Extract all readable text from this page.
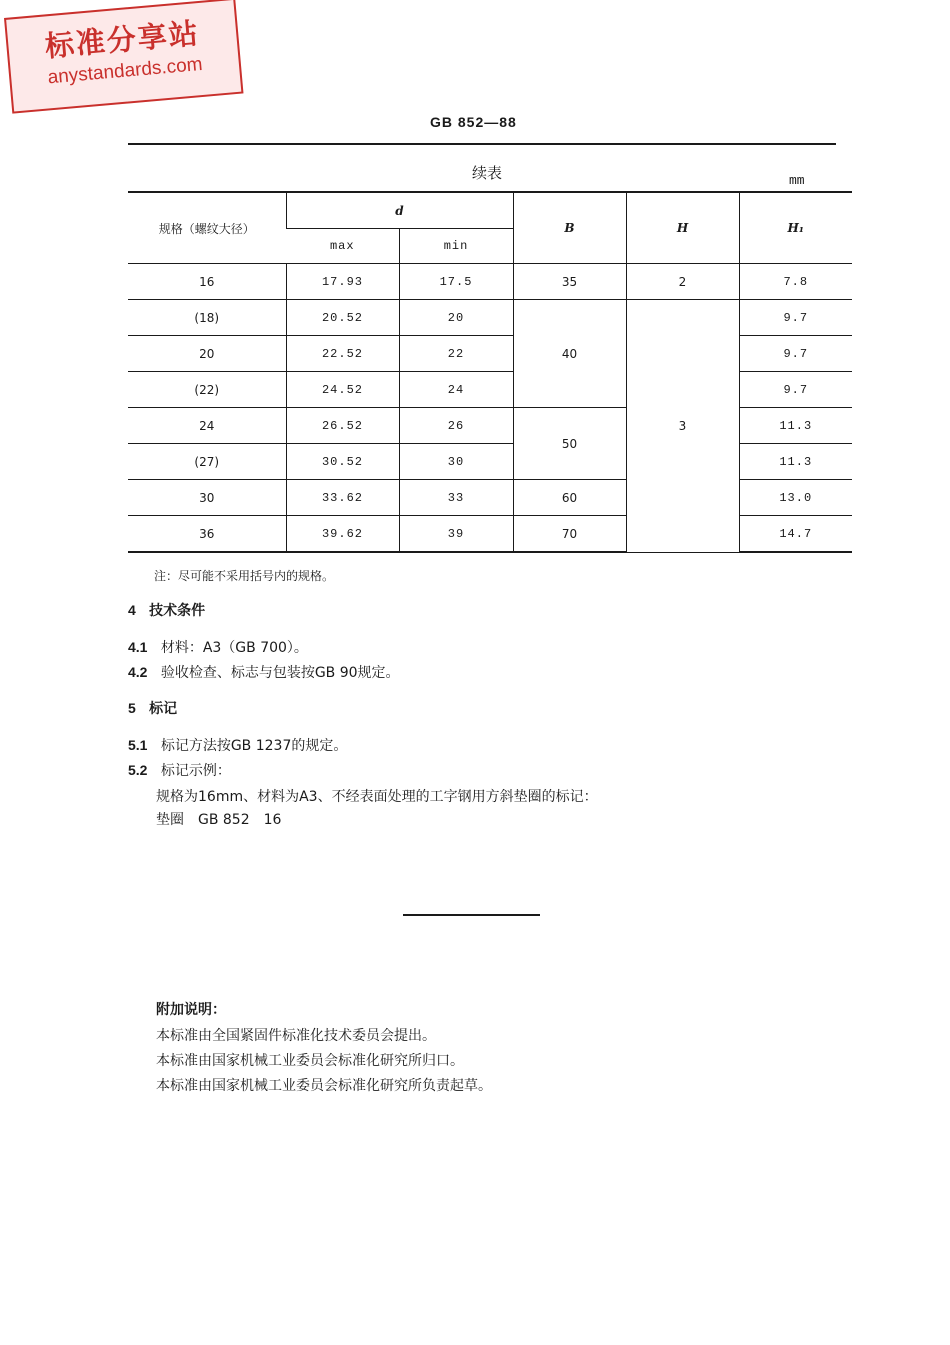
标准分享站
anystandards.com
GB 852—88
续表	mm
规格（螺纹大径）	d		B	H	H₁
	max	min			
16	17.93	17.5	35	2	7.8
(18)	20.52	20	40	3	9.7
20	22.52	22			9.7
(22)	24.52	24			9.7
24	26.52	26	50		11.3
(27)	30.52	30			11.3
30	33.62	33	60		13.0
36	39.62	39	70		14.7
注：尽可能不采用括号内的规格。
4 技术条件
4.1 材料：A3（GB 700）。
4.2 验收检查、标志与包装按GB 90规定。
5 标记
5.1 标记方法按GB 1237的规定。
5.2 标记示例：
规格为16mm、材料为A3、不经表面处理的工字钢用方斜垫圈的标记：
垫圈　GB 852　16
附加说明：
本标准由全国紧固件标准化技术委员会提出。
本标准由国家机械工业委员会标准化研究所归口。
本标准由国家机械工业委员会标准化研究所负责起草。
